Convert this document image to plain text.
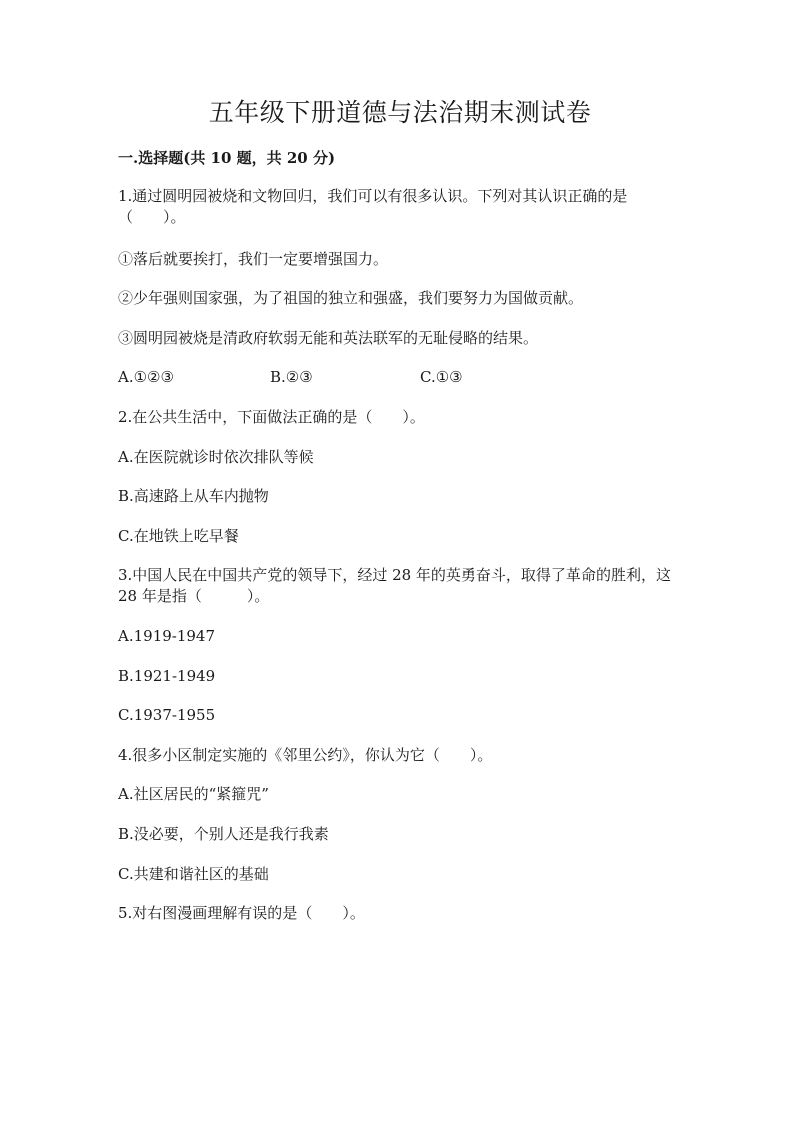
五年级下册道德与法治期末测试卷
一.选择题(共 10 题，共 20 分)
1.通过圆明园被烧和文物回归，我们可以有很多认识。下列对其认识正确的是（　　）。
①落后就要挨打，我们一定要增强国力。
②少年强则国家强，为了祖国的独立和强盛，我们要努力为国做贡献。
③圆明园被烧是清政府软弱无能和英法联军的无耻侵略的结果。
A.①②③	B.②③	C.①③
2.在公共生活中，下面做法正确的是（　　）。
A.在医院就诊时依次排队等候
B.高速路上从车内抛物
C.在地铁上吃早餐
3.中国人民在中国共产党的领导下，经过 28 年的英勇奋斗，取得了革命的胜利，这 28 年是指（　　　）。
A.1919-1947
B.1921-1949
C.1937-1955
4.很多小区制定实施的《邻里公约》，你认为它（　　）。
A.社区居民的“紧箍咒”
B.没必要，个别人还是我行我素
C.共建和谐社区的基础
5.对右图漫画理解有误的是（　　）。
